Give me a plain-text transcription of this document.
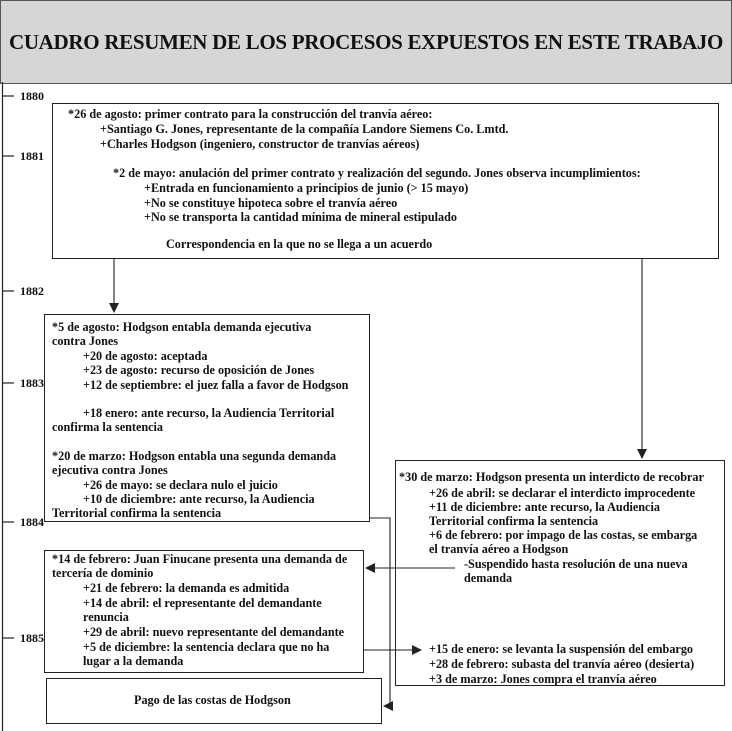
CUADRO RESUMEN DE LOS PROCESOS EXPUESTOS EN ESTE TRABAJO
1880
1881
1882
1883
1884
1885
*26 de agosto: primer contrato para la construcción del tranvía aéreo:
+Santiago G. Jones, representante de la compañía Landore Siemens Co. Lmtd.
+Charles Hodgson (ingeniero, constructor de tranvías aéreos)
*2 de mayo: anulación del primer contrato y realización del segundo. Jones observa incumplimientos:
+Entrada en funcionamiento a principios de junio (> 15 mayo)
+No se constituye hipoteca sobre el tranvía aéreo
+No se transporta la cantidad mínima de mineral estipulado
Correspondencia en la que no se llega a un acuerdo
*5 de agosto: Hodgson entabla demanda ejecutiva
contra Jones
+20 de agosto: aceptada
+23 de agosto: recurso de oposición de Jones
+12 de septiembre: el juez falla a favor de Hodgson
+18 enero: ante recurso, la Audiencia Territorial
confirma la sentencia
*20 de marzo: Hodgson entabla una segunda demanda
ejecutiva contra Jones
+26 de mayo: se declara nulo el juicio
+10 de diciembre: ante recurso, la Audiencia
Territorial confirma la sentencia
*30 de marzo: Hodgson presenta un interdicto de recobrar
+26 de abril: se declarar el interdicto improcedente
+11 de diciembre: ante recurso, la Audiencia
Territorial confirma la sentencia
+6 de febrero: por impago de las costas, se embarga
el tranvía aéreo a Hodgson
-Suspendido hasta resolución de una nueva
demanda
+15 de enero: se levanta la suspensión del embargo
+28 de febrero: subasta del tranvía aéreo (desierta)
+3 de marzo: Jones compra el tranvía aéreo
*14 de febrero: Juan Finucane presenta una demanda de
tercería de dominio
+21 de febrero: la demanda es admitida
+14 de abril: el representante del demandante
renuncia
+29 de abril: nuevo representante del demandante
+5 de diciembre: la sentencia declara que no ha
lugar a la demanda
Pago de las costas de Hodgson
